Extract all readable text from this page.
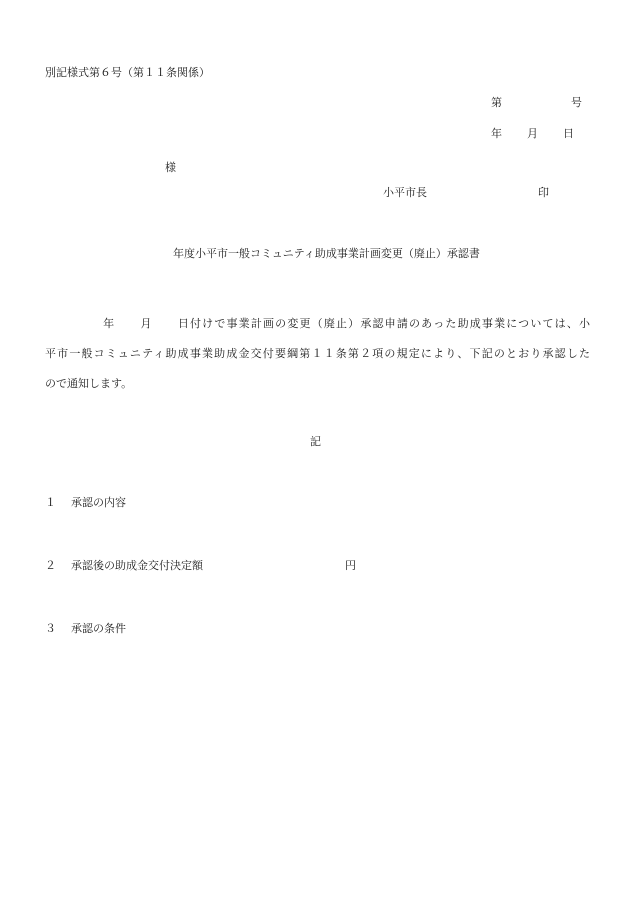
別記様式第６号（第１１条関係）
第	号
年 月 日
様
小平市長	印
年度小平市一般コミュニティ助成事業計画変更（廃止）承認書
年 月 日付けで事業計画の変更（廃止）承認申請のあった助成事業については、小
平市一般コミュニティ助成事業助成金交付要綱第１１条第２項の規定により、下記のとおり承認した
ので通知します。
記
１ 承認の内容
２ 承認後の助成金交付決定額	円
３ 承認の条件
